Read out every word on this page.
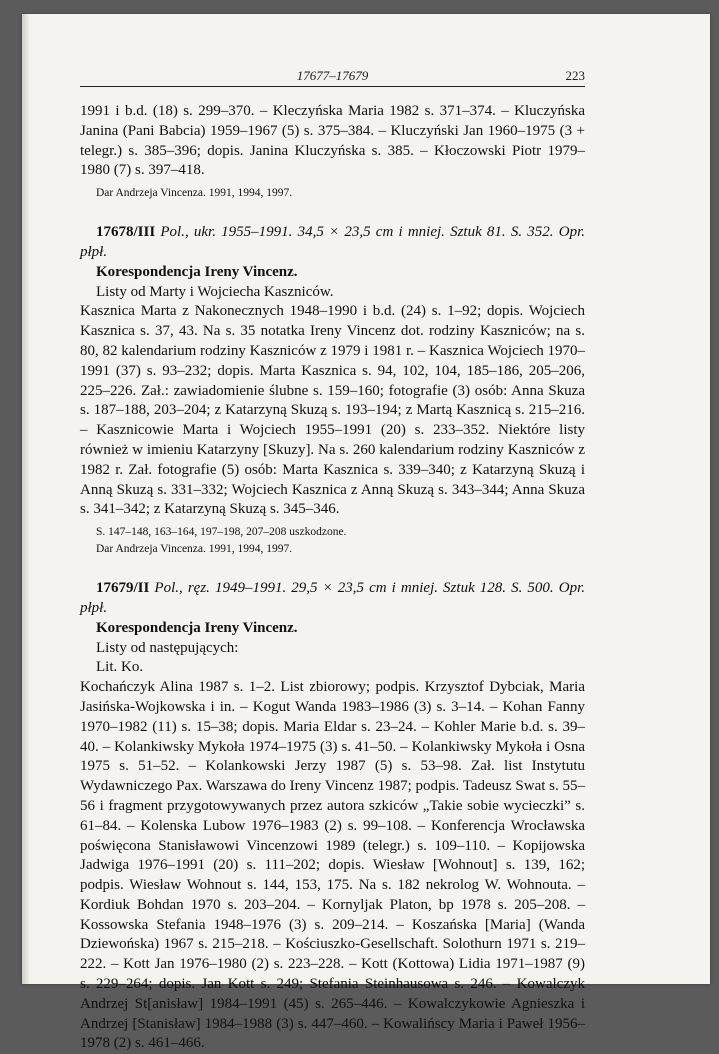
17677–17679	223

1991 i b.d. (18) s. 299–370. – Kleczyńska Maria 1982 s. 371–374. – Kluczyńska Janina (Pani Babcia) 1959–1967 (5) s. 375–384. – Kluczyński Jan 1960–1975 (3 + telegr.) s. 385–396; dopis. Janina Kluczyńska s. 385. – Kłoczowski Piotr 1979–1980 (7) s. 397–418.

Dar Andrzeja Vincenza. 1991, 1994, 1997.

17678/III Pol., ukr. 1955–1991. 34,5 × 23,5 cm i mniej. Sztuk 81. S. 352. Opr. płpł.

Korespondencja Ireny Vincenz.

Listy od Marty i Wojciecha Kaszniców.

Kasznica Marta z Nakonecznych 1948–1990 i b.d. (24) s. 1–92; dopis. Wojciech Kasznica s. 37, 43. Na s. 35 notatka Ireny Vincenz dot. rodziny Kaszniców; na s. 80, 82 kalendarium rodziny Kaszniców z 1979 i 1981 r. – Kasznica Wojciech 1970–1991 (37) s. 93–232; dopis. Marta Kasznica s. 94, 102, 104, 185–186, 205–206, 225–226. Zał.: zawiadomienie ślubne s. 159–160; fotografie (3) osób: Anna Skuza s. 187–188, 203–204; z Katarzyną Skuzą s. 193–194; z Martą Kasznicą s. 215–216. – Kasznicowie Marta i Wojciech 1955–1991 (20) s. 233–352. Niektóre listy również w imieniu Katarzyny [Skuzy]. Na s. 260 kalendarium rodziny Kaszniców z 1982 r. Zał. fotografie (5) osób: Marta Kasznica s. 339–340; z Katarzyną Skuzą i Anną Skuzą s. 331–332; Wojciech Kasznica z Anną Skuzą s. 343–344; Anna Skuza s. 341–342; z Katarzyną Skuzą s. 345–346.

S. 147–148, 163–164, 197–198, 207–208 uszkodzone.

Dar Andrzeja Vincenza. 1991, 1994, 1997.

17679/II Pol., ręz. 1949–1991. 29,5 × 23,5 cm i mniej. Sztuk 128. S. 500. Opr. płpł.

Korespondencja Ireny Vincenz.

Listy od następujących:

Lit. Ko.

Kochańczyk Alina 1987 s. 1–2. List zbiorowy; podpis. Krzysztof Dybciak, Maria Jasińska-Wojkowska i in. – Kogut Wanda 1983–1986 (3) s. 3–14. – Kohan Fanny 1970–1982 (11) s. 15–38; dopis. Maria Eldar s. 23–24. – Kohler Marie b.d. s. 39–40. – Kolankiwsky Mykoła 1974–1975 (3) s. 41–50. – Kolankiwsky Mykoła i Osna 1975 s. 51–52. – Kolankowski Jerzy 1987 (5) s. 53–98. Zał. list Instytutu Wydawniczego Pax. Warszawa do Ireny Vincenz 1987; podpis. Tadeusz Swat s. 55–56 i fragment przygotowywanych przez autora szkiców „Takie sobie wycieczki” s. 61–84. – Kolenska Lubow 1976–1983 (2) s. 99–108. – Konferencja Wrocławska poświęcona Stanisławowi Vincenzowi 1989 (telegr.) s. 109–110. – Kopijowska Jadwiga 1976–1991 (20) s. 111–202; dopis. Wiesław [Wohnout] s. 139, 162; podpis. Wiesław Wohnout s. 144, 153, 175. Na s. 182 nekrolog W. Wohnouta. – Kordiuk Bohdan 1970 s. 203–204. – Kornyljak Platon, bp 1978 s. 205–208. – Kossowska Stefania 1948–1976 (3) s. 209–214. – Koszańska [Maria] (Wanda Dziewońska) 1967 s. 215–218. – Kościuszko-Gesellschaft. Solothurn 1971 s. 219–222. – Kott Jan 1976–1980 (2) s. 223–228. – Kott (Kottowa) Lidia 1971–1987 (9) s. 229–264; dopis. Jan Kott s. 249; Stefania Steinhausowa s. 246. – Kowalczyk Andrzej St[anisław] 1984–1991 (45) s. 265–446. – Kowalczykowie Agnieszka i Andrzej [Stanisław] 1984–1988 (3) s. 447–460. – Kowalińscy Maria i Paweł 1956–1978 (2) s. 461–466.
